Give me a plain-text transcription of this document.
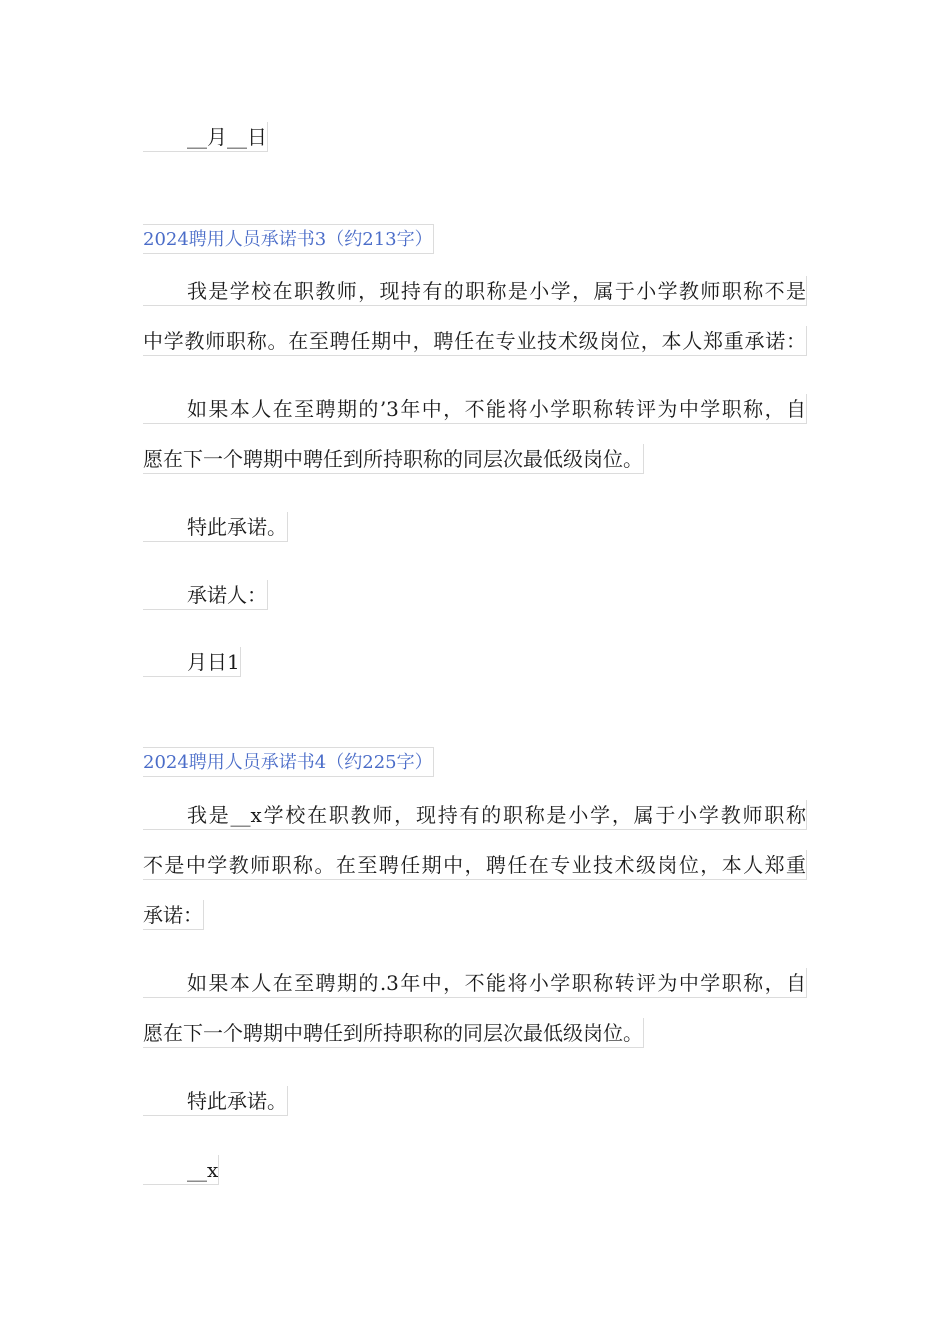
__月__日
2024聘用人员承诺书3（约213字）
我是学校在职教师，现持有的职称是小学，属于小学教师职称不是
中学教师职称。在至聘任期中，聘任在专业技术级岗位，本人郑重承诺：
如果本人在至聘期的’3年中，不能将小学职称转评为中学职称，自
愿在下一个聘期中聘任到所持职称的同层次最低级岗位。
特此承诺。
承诺人：
月日1
2024聘用人员承诺书4（约225字）
我是__x学校在职教师，现持有的职称是小学，属于小学教师职称
不是中学教师职称。在至聘任期中，聘任在专业技术级岗位，本人郑重
承诺：
如果本人在至聘期的.3年中，不能将小学职称转评为中学职称，自
愿在下一个聘期中聘任到所持职称的同层次最低级岗位。
特此承诺。
__x
